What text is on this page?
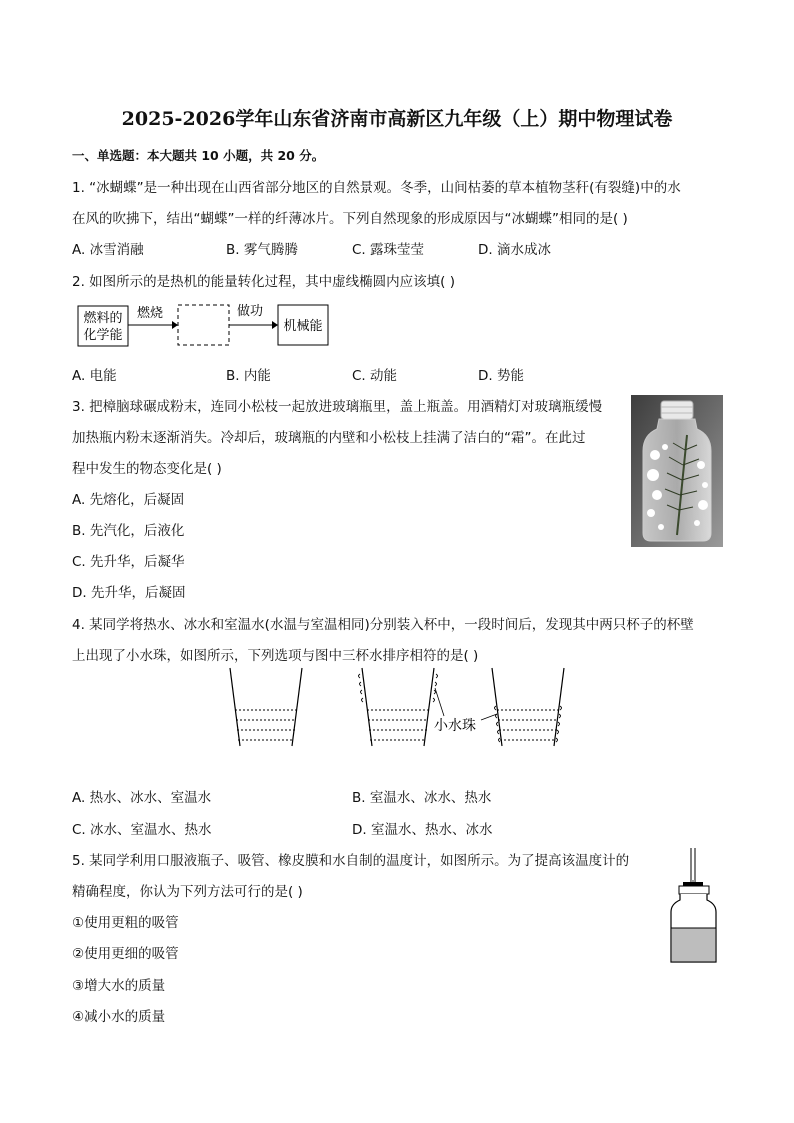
2025-2026学年山东省济南市高新区九年级（上）期中物理试卷
一、单选题：本大题共 10 小题，共 20 分。
1. “冰蝴蝶”是一种出现在山西省部分地区的自然景观。冬季，山间枯萎的草本植物茎秆(有裂缝)中的水
在风的吹拂下，结出“蝴蝶”一样的纤薄冰片。下列自然现象的形成原因与“冰蝴蝶”相同的是( )
A. 冰雪消融	B. 雾气腾腾	C. 露珠莹莹	D. 滴水成冰
2. 如图所示的是热机的能量转化过程，其中虚线椭圆内应该填( )
燃料的
化学能
燃烧	做功
机械能
A. 电能	B. 内能	C. 动能	D. 势能
3. 把樟脑球碾成粉末，连同小松枝一起放进玻璃瓶里，盖上瓶盖。用酒精灯对玻璃瓶缓慢
加热瓶内粉末逐渐消失。冷却后，玻璃瓶的内壁和小松枝上挂满了洁白的“霜”。在此过
程中发生的物态变化是( )
A. 先熔化，后凝固
B. 先汽化，后液化
C. 先升华，后凝华
D. 先升华，后凝固
4. 某同学将热水、冰水和室温水(水温与室温相同)分别装入杯中，一段时间后，发现其中两只杯子的杯壁
上出现了小水珠，如图所示，下列选项与图中三杯水排序相符的是( )
小水珠
A. 热水、冰水、室温水	B. 室温水、冰水、热水
C. 冰水、室温水、热水	D. 室温水、热水、冰水
5. 某同学利用口服液瓶子、吸管、橡皮膜和水自制的温度计，如图所示。为了提高该温度计的
精确程度，你认为下列方法可行的是( )
①使用更粗的吸管
②使用更细的吸管
③增大水的质量
④减小水的质量
